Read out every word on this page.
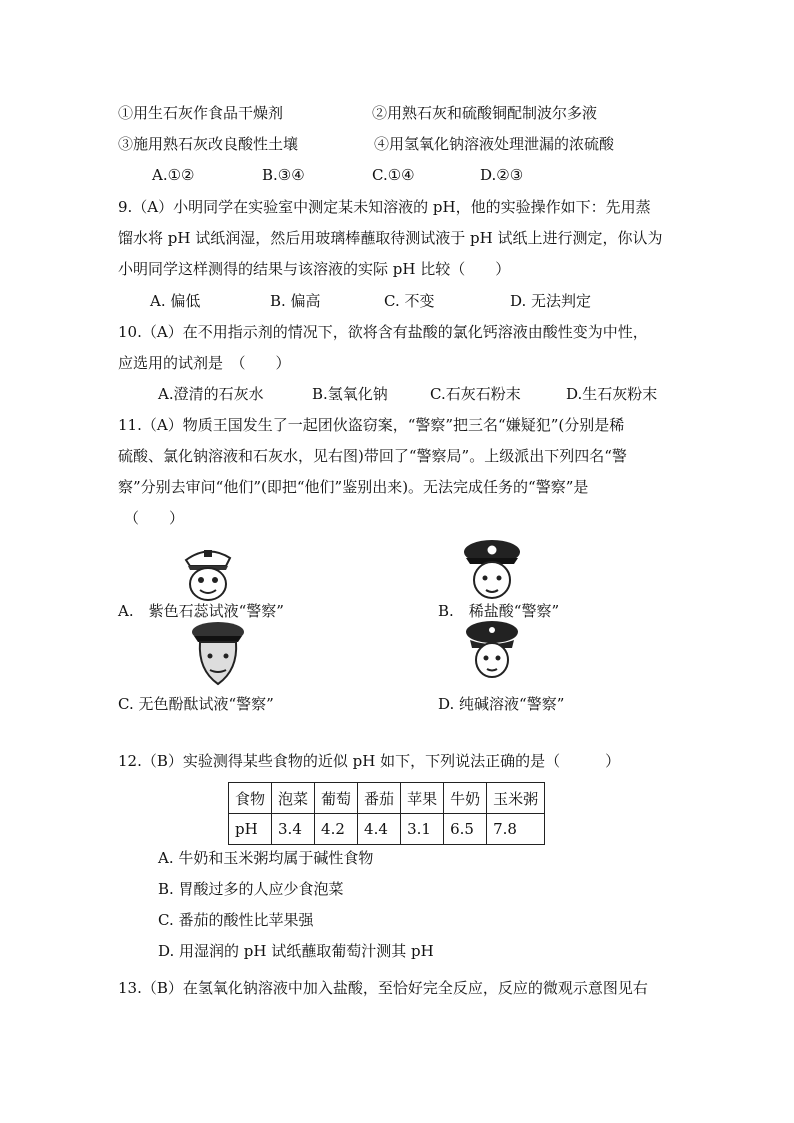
①用生石灰作食品干燥剂	②用熟石灰和硫酸铜配制波尔多液
③施用熟石灰改良酸性土壤	④用氢氧化钠溶液处理泄漏的浓硫酸
A.①②	B.③④	C.①④	D.②③
9.（A）小明同学在实验室中测定某未知溶液的 pH，他的实验操作如下：先用蒸
馏水将 pH 试纸润湿，然后用玻璃棒蘸取待测试液于 pH 试纸上进行测定，你认为
小明同学这样测得的结果与该溶液的实际 pH 比较（　　）
A. 偏低	B. 偏高	C. 不变	D. 无法判定
10.（A）在不用指示剂的情况下，欲将含有盐酸的氯化钙溶液由酸性变为中性，
应选用的试剂是　（　　）
A.澄清的石灰水	B.氢氧化钠	C.石灰石粉末	D.生石灰粉末
11.（A）物质王国发生了一起团伙盗窃案，“警察”把三名“嫌疑犯”(分别是稀
硫酸、氯化钠溶液和石灰水，见右图)带回了“警察局”。上级派出下列四名“警
察”分别去审问“他们”(即把“他们”鉴别出来)。无法完成任务的“警察”是
（　　）
A.　紫色石蕊试液“警察”	B.　稀盐酸“警察”
C. 无色酚酞试液“警察”	D. 纯碱溶液“警察”
12.（B）实验测得某些食物的近似 pH 如下，下列说法正确的是（　　　）
食物	泡菜	葡萄	番茄	苹果	牛奶	玉米粥
pH	3.4	4.2	4.4	3.1	6.5	7.8
A. 牛奶和玉米粥均属于碱性食物
B. 胃酸过多的人应少食泡菜
C. 番茄的酸性比苹果强
D. 用湿润的 pH 试纸蘸取葡萄汁测其 pH
13.（B）在氢氧化钠溶液中加入盐酸，至恰好完全反应，反应的微观示意图见右
